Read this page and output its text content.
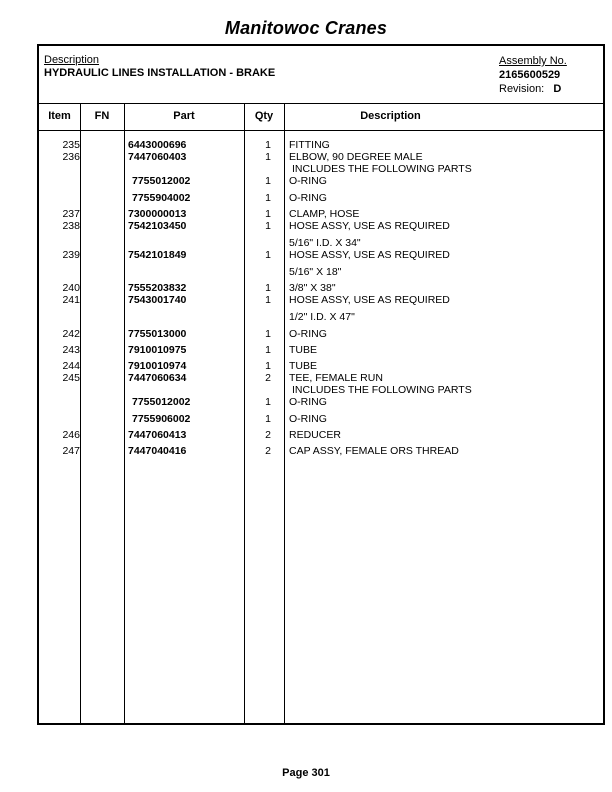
Manitowoc Cranes
Description
HYDRAULIC LINES INSTALLATION - BRAKE
Assembly No.
2165600529
Revision: D
Item	FN	Part	Qty	Description
235	6443000696	1 FITTING
236	7447060403	1 ELBOW, 90 DEGREE MALE
INCLUDES THE FOLLOWING PARTS
7755012002	1 O-RING
7755904002	1 O-RING
237	7300000013	1 CLAMP, HOSE
238	7542103450	1 HOSE ASSY, USE AS REQUIRED
5/16" I.D. X 34"
239	7542101849	1 HOSE ASSY, USE AS REQUIRED
5/16" X 18"
240	7555203832	1 3/8" X 38"
241	7543001740	1 HOSE ASSY, USE AS REQUIRED
1/2" I.D. X 47"
242	7755013000	1 O-RING
243	7910010975	1 TUBE
244	7910010974	1 TUBE
245	7447060634	2 TEE, FEMALE RUN
INCLUDES THE FOLLOWING PARTS
7755012002	1 O-RING
7755906002	1 O-RING
246	7447060413	2 REDUCER
247	7447040416	2 CAP ASSY, FEMALE ORS THREAD
Page 301
